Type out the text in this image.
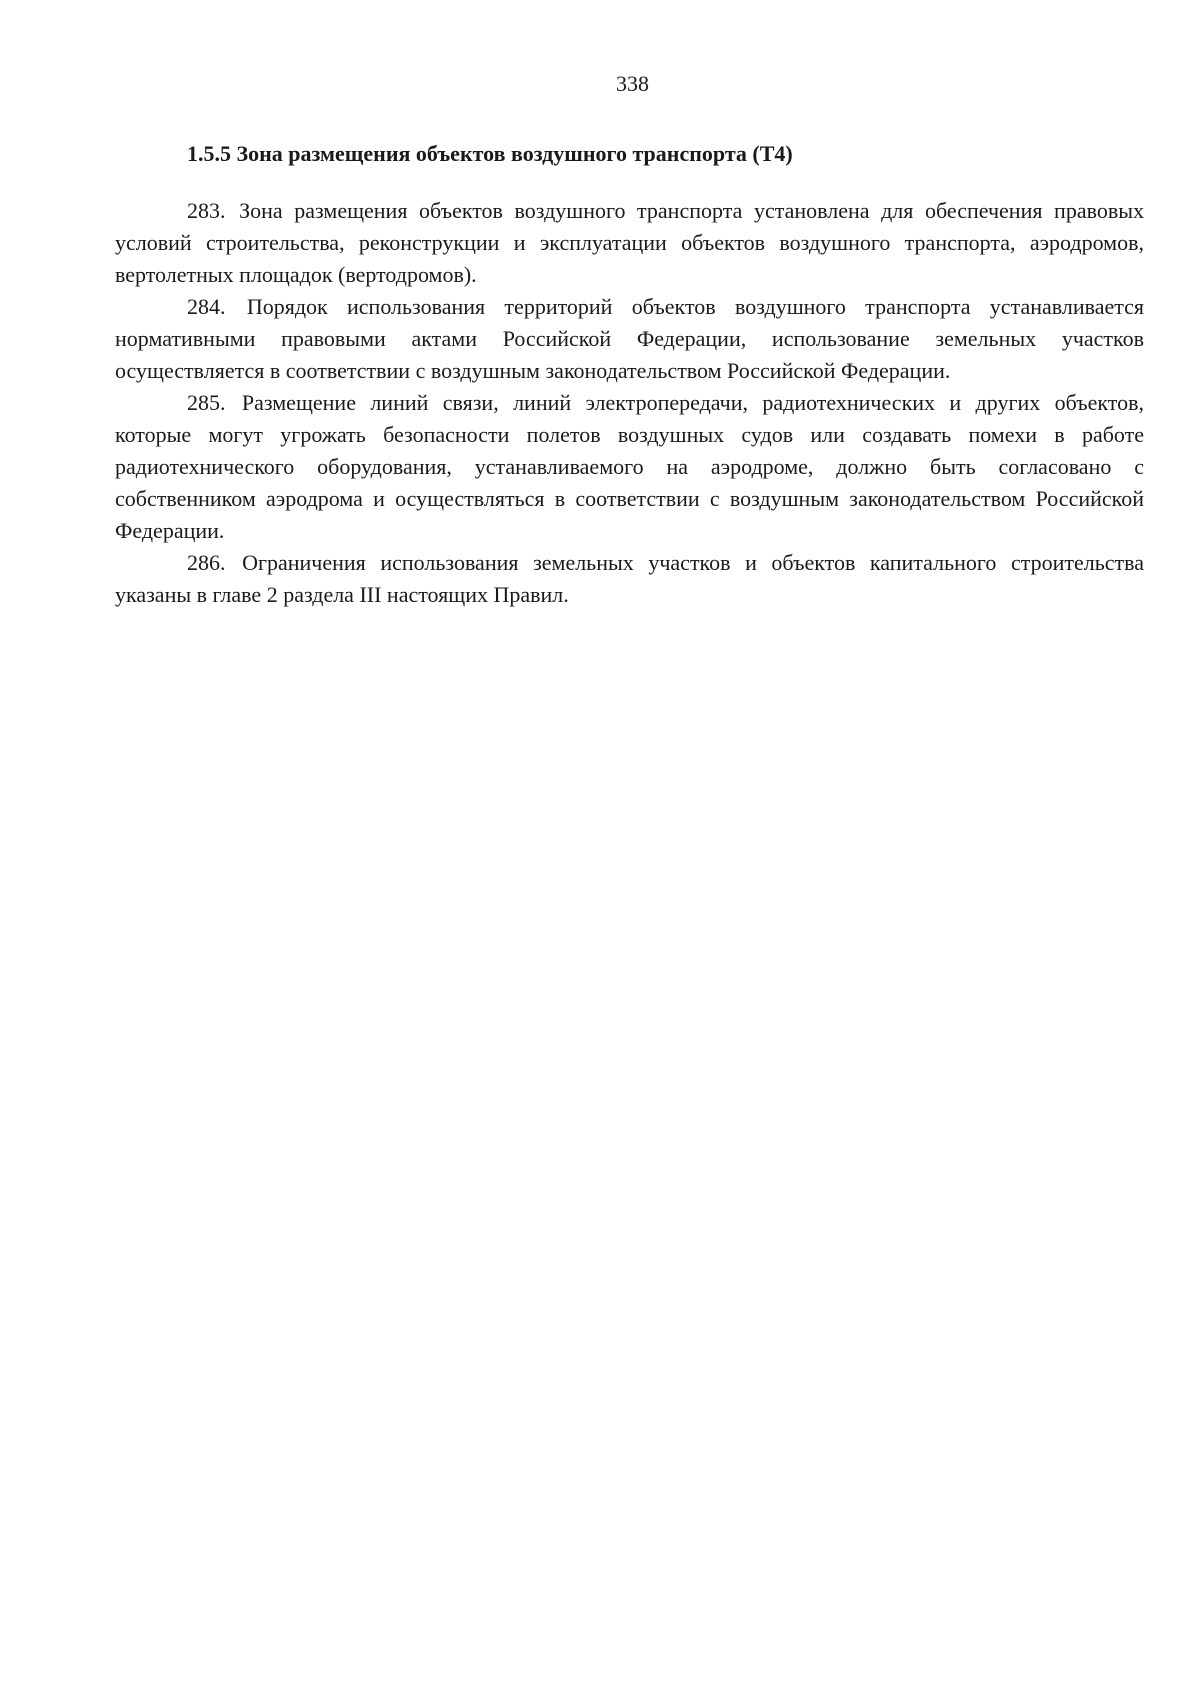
338
1.5.5 Зона размещения объектов воздушного транспорта (Т4)

283. Зона размещения объектов воздушного транспорта установлена для обеспечения правовых условий строительства, реконструкции и эксплуатации объектов воздушного транспорта, аэродромов, вертолетных площадок (вертодромов).

284. Порядок использования территорий объектов воздушного транспорта устанавливается нормативными правовыми актами Российской Федерации, использование земельных участков осуществляется в соответствии с воздушным законодательством Российской Федерации.

285. Размещение линий связи, линий электропередачи, радиотехнических и других объектов, которые могут угрожать безопасности полетов воздушных судов или создавать помехи в работе радиотехнического оборудования, устанавливаемого на аэродроме, должно быть согласовано с собственником аэродрома и осуществляться в соответствии с воздушным законодательством Российской Федерации.

286. Ограничения использования земельных участков и объектов капитального строительства указаны в главе 2 раздела III настоящих Правил.
